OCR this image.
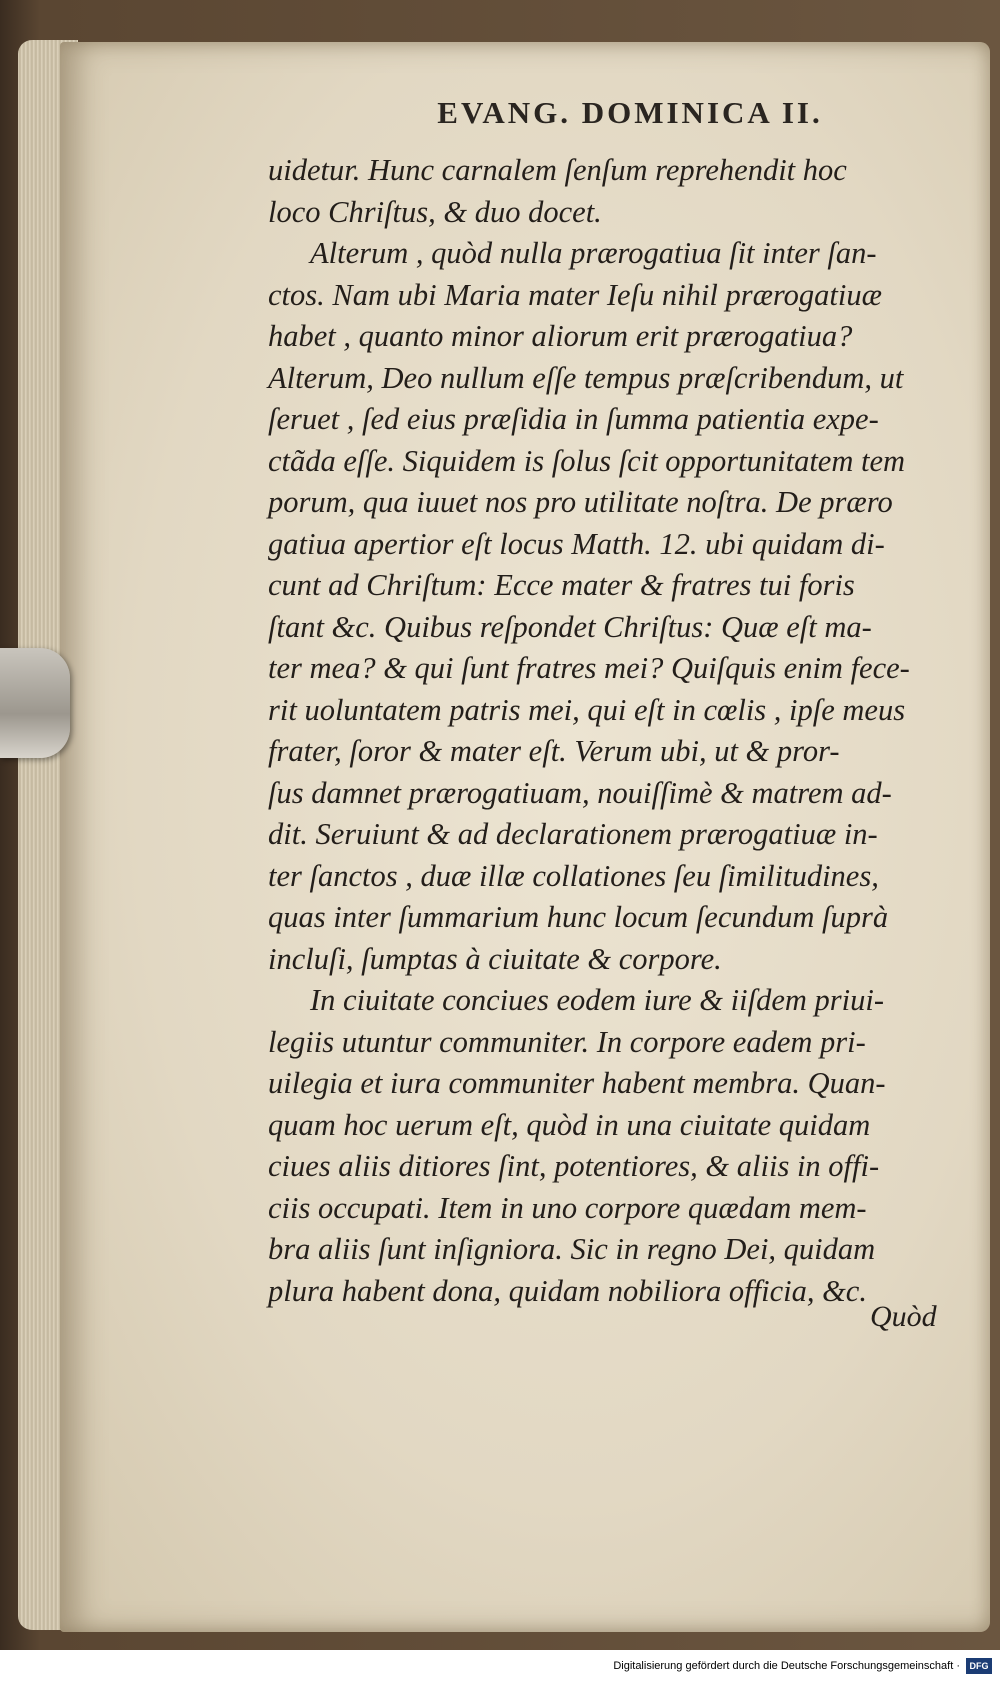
EVANG. DOMINICA II.
uidetur. Hunc carnalem ſenſum reprehendit hoc
loco Chriſtus, & duo docet.
Alterum , quòd nulla prærogatiua ſit inter ſan-
ctos. Nam ubi Maria mater Ieſu nihil prærogatiuæ
habet , quanto minor aliorum erit prærogatiua?
Alterum, Deo nullum eſſe tempus præſcribendum, ut
ſeruet , ſed eius præſidia in ſumma patientia expe-
ctãda eſſe. Siquidem is ſolus ſcit opportunitatem tem
porum, qua iuuet nos pro utilitate noſtra. De præro
gatiua apertior eſt locus Matth. 12. ubi quidam di-
cunt ad Chriſtum: Ecce mater & fratres tui foris
ſtant &c. Quibus reſpondet Chriſtus: Quæ eſt ma-
ter mea? & qui ſunt fratres mei? Quiſquis enim fece-
rit uoluntatem patris mei, qui eſt in cœlis , ipſe meus
frater, ſoror & mater eſt. Verum ubi, ut & pror-
ſus damnet prærogatiuam, nouiſſimè & matrem ad-
dit. Seruiunt & ad declarationem prærogatiuæ in-
ter ſanctos , duæ illæ collationes ſeu ſimilitudines,
quas inter ſummarium hunc locum ſecundum ſuprà
incluſi, ſumptas à ciuitate & corpore.
In ciuitate conciues eodem iure & iiſdem priui-
legiis utuntur communiter. In corpore eadem pri-
uilegia et iura communiter habent membra. Quan-
quam hoc uerum eſt, quòd in una ciuitate quidam
ciues aliis ditiores ſint, potentiores, & aliis in offi-
ciis occupati. Item in uno corpore quædam mem-
bra aliis ſunt inſigniora. Sic in regno Dei, quidam
plura habent dona, quidam nobiliora officia, &c.
Quòd
Digitalisierung gefördert durch die Deutsche Forschungsgemeinschaft ·	DFG
